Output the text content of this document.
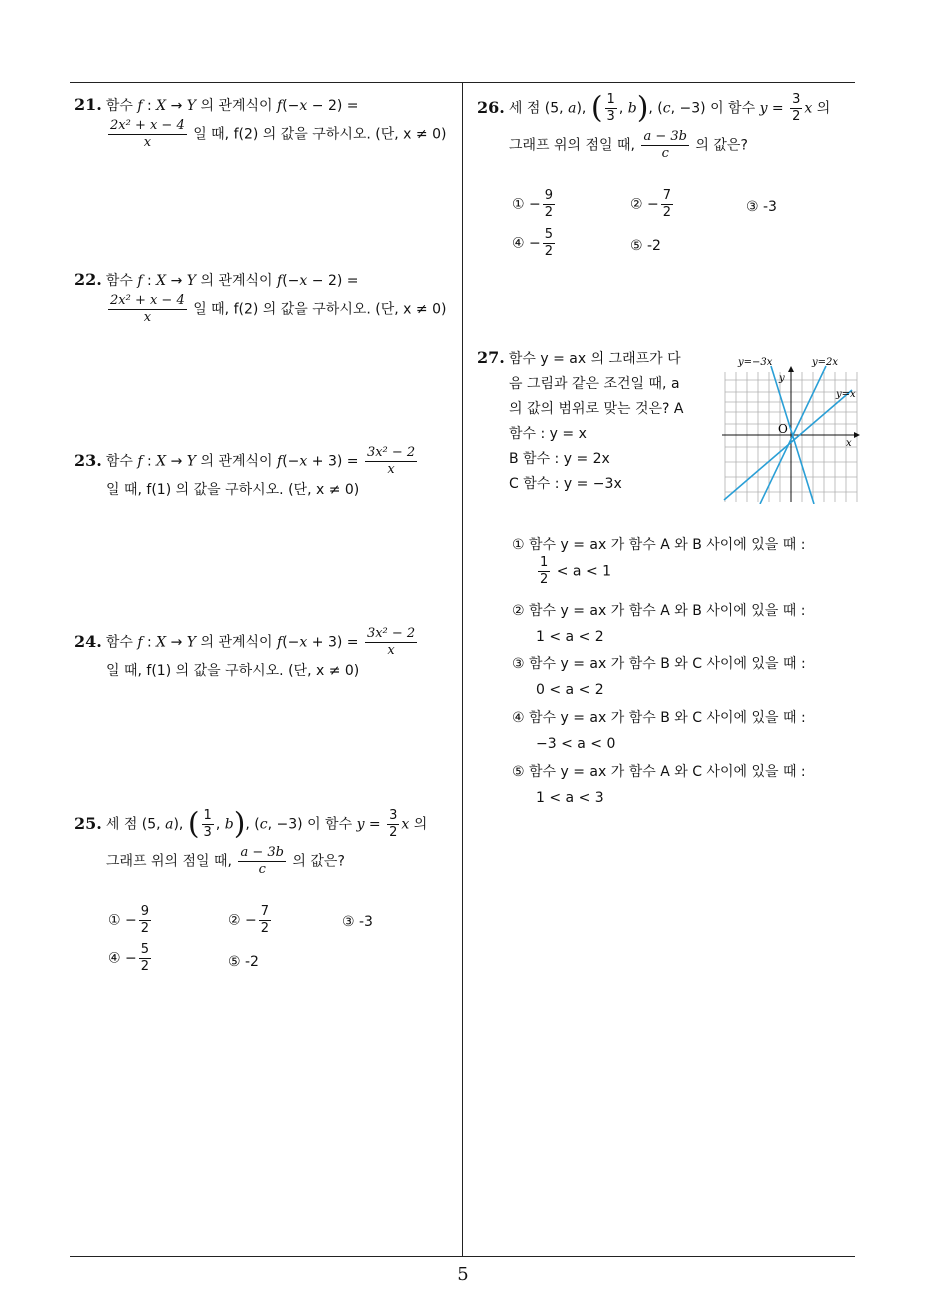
21. 함수 f : X → Y 의 관계식이 f(−x − 2) =
$\frac{\text{2x² + x − 4}}{x}$ 일 때, f(2) 의 값을 구하시오. (단, x ≠ 0)
22. 함수 f : X → Y 의 관계식이 f(−x − 2) =
$\frac{\text{2x² + x − 4}}{x}$ 일 때, f(2) 의 값을 구하시오. (단, x ≠ 0)
23. 함수 f : X → Y 의 관계식이 $f(-x + 3) = \frac{\text{3x² − 2}}{x}$
일 때, f(1) 의 값을 구하시오. (단, x ≠ 0)
24. 함수 f : X → Y 의 관계식이 $f(-x + 3) = \frac{\text{3x² − 2}}{x}$
일 때, f(1) 의 값을 구하시오. (단, x ≠ 0)
25. 세 점 (5, a), ( $\frac{1}{3}$ , b), (c, −3) 이 함수 $y = \frac{3}{2}$ x 의
그래프 위의 점일 때, $\frac{a - 3b}{c}$ 의 값은?
① − $\frac{9}{2}$	② − $\frac{7}{2}$	③ -3
④ − $\frac{5}{2}$	⑤ -2
26. 세 점 (5, a), ( $\frac{1}{3}$ , b), (c, −3) 이 함수 $y = \frac{3}{2}$ x 의
그래프 위의 점일 때, $\frac{a - 3b}{c}$ 의 값은?
① − $\frac{9}{2}$	② − $\frac{7}{2}$	③ -3
④ − $\frac{5}{2}$	⑤ -2
27. 함수 y = ax 의 그래프가 다
음 그림과 같은 조건일 때, a
의 값의 범위로 맞는 것은? A
함수 : y = x
B 함수 : y = 2x
C 함수 : y = −3x
y=−3x	y=2x
y=x
y
x
O
① 함수 y = ax 가 함수 A 와 B 사이에 있을 때 :
$\frac{1}{2} < a < 1$
② 함수 y = ax 가 함수 A 와 B 사이에 있을 때 :
1 < a < 2
③ 함수 y = ax 가 함수 B 와 C 사이에 있을 때 :
0 < a < 2
④ 함수 y = ax 가 함수 B 와 C 사이에 있을 때 :
−3 < a < 0
⑤ 함수 y = ax 가 함수 A 와 C 사이에 있을 때 :
1 < a < 3
5
